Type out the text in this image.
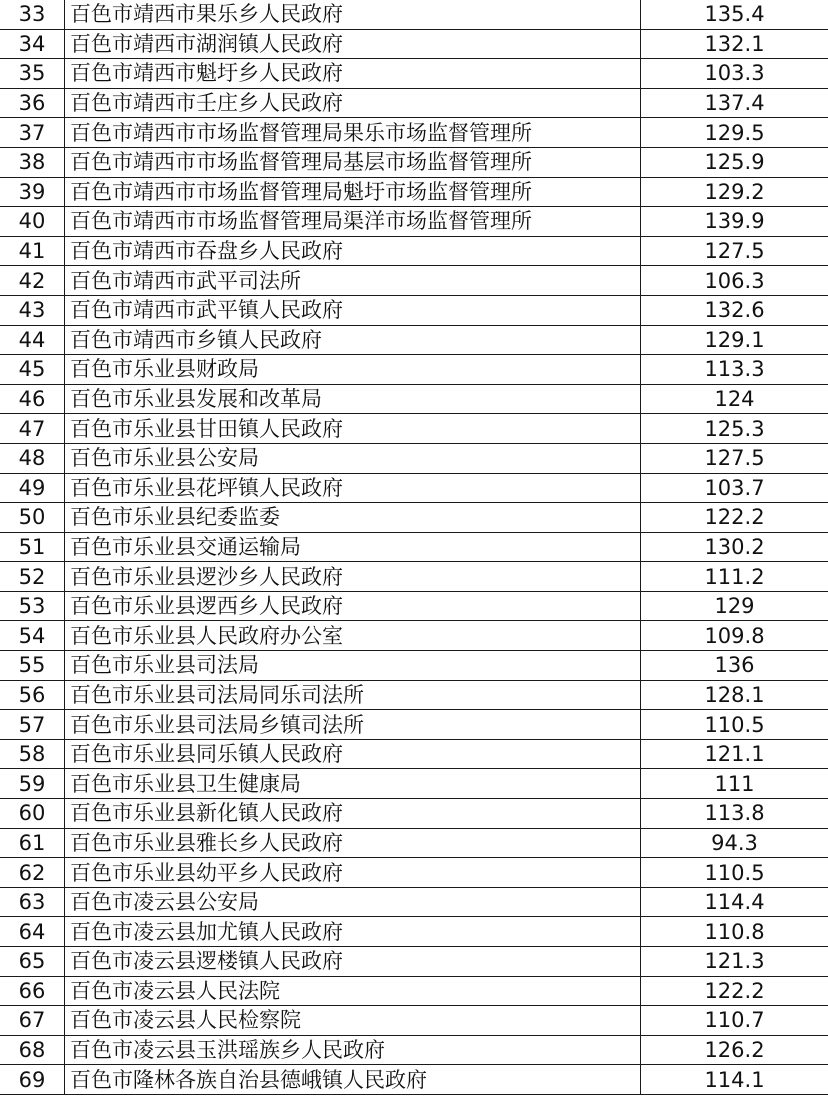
33	百色市靖西市果乐乡人民政府	135.4
34	百色市靖西市湖润镇人民政府	132.1
35	百色市靖西市魁圩乡人民政府	103.3
36	百色市靖西市壬庄乡人民政府	137.4
37	百色市靖西市市场监督管理局果乐市场监督管理所	129.5
38	百色市靖西市市场监督管理局基层市场监督管理所	125.9
39	百色市靖西市市场监督管理局魁圩市场监督管理所	129.2
40	百色市靖西市市场监督管理局渠洋市场监督管理所	139.9
41	百色市靖西市吞盘乡人民政府	127.5
42	百色市靖西市武平司法所	106.3
43	百色市靖西市武平镇人民政府	132.6
44	百色市靖西市乡镇人民政府	129.1
45	百色市乐业县财政局	113.3
46	百色市乐业县发展和改革局	124
47	百色市乐业县甘田镇人民政府	125.3
48	百色市乐业县公安局	127.5
49	百色市乐业县花坪镇人民政府	103.7
50	百色市乐业县纪委监委	122.2
51	百色市乐业县交通运输局	130.2
52	百色市乐业县逻沙乡人民政府	111.2
53	百色市乐业县逻西乡人民政府	129
54	百色市乐业县人民政府办公室	109.8
55	百色市乐业县司法局	136
56	百色市乐业县司法局同乐司法所	128.1
57	百色市乐业县司法局乡镇司法所	110.5
58	百色市乐业县同乐镇人民政府	121.1
59	百色市乐业县卫生健康局	111
60	百色市乐业县新化镇人民政府	113.8
61	百色市乐业县雅长乡人民政府	94.3
62	百色市乐业县幼平乡人民政府	110.5
63	百色市凌云县公安局	114.4
64	百色市凌云县加尤镇人民政府	110.8
65	百色市凌云县逻楼镇人民政府	121.3
66	百色市凌云县人民法院	122.2
67	百色市凌云县人民检察院	110.7
68	百色市凌云县玉洪瑶族乡人民政府	126.2
69	百色市隆林各族自治县德峨镇人民政府	114.1
